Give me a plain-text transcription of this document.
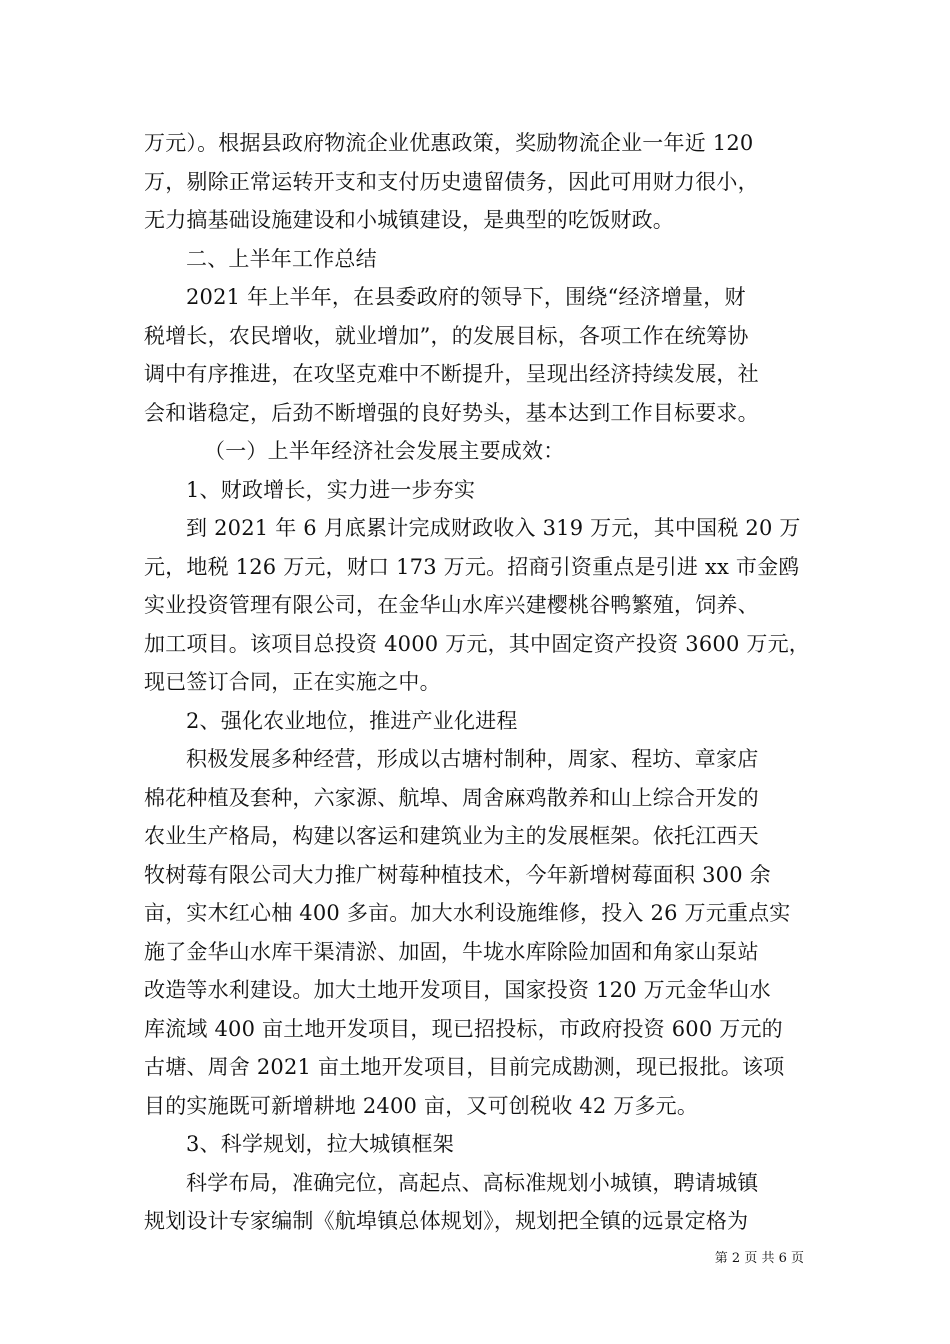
万元）。根据县政府物流企业优惠政策，奖励物流企业一年近 120
万，剔除正常运转开支和支付历史遗留债务，因此可用财力很小，
无力搞基础设施建设和小城镇建设，是典型的吃饭财政。
二、上半年工作总结
2021 年上半年，在县委政府的领导下，围绕“经济增量，财
税增长，农民增收，就业增加”，的发展目标，各项工作在统筹协
调中有序推进，在攻坚克难中不断提升，呈现出经济持续发展，社
会和谐稳定，后劲不断增强的良好势头，基本达到工作目标要求。
（一）上半年经济社会发展主要成效：
1、财政增长，实力进一步夯实
到 2021 年 6 月底累计完成财政收入 319 万元，其中国税 20 万
元，地税 126 万元，财口 173 万元。招商引资重点是引进 xx 市金鸥
实业投资管理有限公司，在金华山水库兴建樱桃谷鸭繁殖，饲养、
加工项目。该项目总投资 4000 万元，其中固定资产投资 3600 万元，
现已签订合同，正在实施之中。
2、强化农业地位，推进产业化进程
积极发展多种经营，形成以古塘村制种，周家、程坊、章家店
棉花种植及套种，六家源、航埠、周舍麻鸡散养和山上综合开发的
农业生产格局，构建以客运和建筑业为主的发展框架。依托江西天
牧树莓有限公司大力推广树莓种植技术，今年新增树莓面积 300 余
亩，实木红心柚 400 多亩。加大水利设施维修，投入 26 万元重点实
施了金华山水库干渠清淤、加固，牛垅水库除险加固和角家山泵站
改造等水利建设。加大土地开发项目，国家投资 120 万元金华山水
库流域 400 亩土地开发项目，现已招投标，市政府投资 600 万元的
古塘、周舍 2021 亩土地开发项目，目前完成勘测，现已报批。该项
目的实施既可新增耕地 2400 亩，又可创税收 42 万多元。
3、科学规划，拉大城镇框架
科学布局，准确完位，高起点、高标准规划小城镇，聘请城镇
规划设计专家编制《航埠镇总体规划》，规划把全镇的远景定格为
第 2 页 共 6 页
